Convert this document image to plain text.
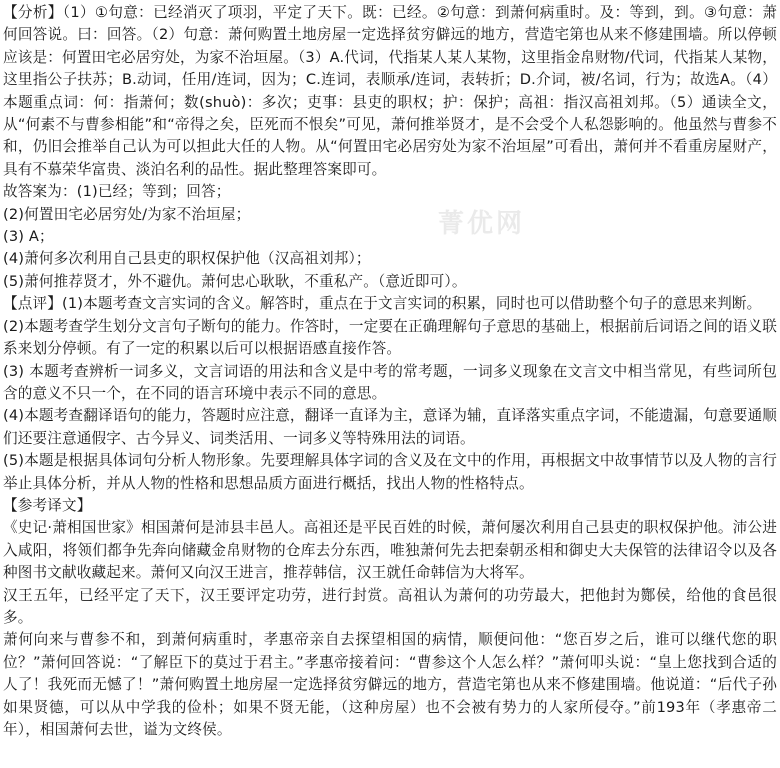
【分析】（1）①句意：已经消灭了项羽，平定了天下。既：已经。②句意：到萧何病重时。及：等到，到。③句意：萧何回答说。曰：回答。（2）句意：萧何购置土地房屋一定选择贫穷僻远的地方，营造宅第也从来不修建围墙。所以停顿应该是：何置田宅必居穷处，为家不治垣屋。（3）A.代词，代指某人某人某物，这里指金帛财物/代词，代指某人某物，这里指公子扶苏；B.动词，任用/连词，因为；C.连词，表顺承/连词，表转折；D.介词，被/名词，行为；故选A。（4）本题重点词：何：指萧何；数(shuò)：多次；吏事：县吏的职权；护：保护；高祖：指汉高祖刘邦。（5）通读全文，从“何素不与曹参相能”和“帝得之矣，臣死而不恨矣”可见，萧何推举贤才，是不会受个人私怨影响的。他虽然与曹参不和，仍旧会推举自己认为可以担此大任的人物。从“何置田宅必居穷处为家不治垣屋”可看出，萧何并不看重房屋财产，具有不慕荣华富贵、淡泊名利的品性。据此整理答案即可。

故答案为：(1)已经；等到；回答；

(2)何置田宅必居穷处/为家不治垣屋；

(3) A；

(4)萧何多次利用自己县吏的职权保护他（汉高祖刘邦）；

(5)萧何推荐贤才，外不避仇。萧何忠心耿耿，不重私产。（意近即可）。

【点评】(1)本题考查文言实词的含义。解答时，重点在于文言实词的积累，同时也可以借助整个句子的意思来判断。

(2)本题考查学生划分文言句子断句的能力。作答时，一定要在正确理解句子意思的基础上，根据前后词语之间的语义联系来划分停顿。有了一定的积累以后可以根据语感直接作答。

(3) 本题考查辨析一词多义，文言词语的用法和含义是中考的常考题，一词多义现象在文言文中相当常见，有些词所包含的意义不只一个，在不同的语言环境中表示不同的意思。

(4)本题考查翻译语句的能力，答题时应注意，翻译一直译为主，意译为辅，直译落实重点字词，不能遗漏，句意要通顺们还要注意通假字、古今异义、词类活用、一词多义等特殊用法的词语。

(5)本题是根据具体词句分析人物形象。先要理解具体字词的含义及在文中的作用，再根据文中故事情节以及人物的言行举止具体分析，并从人物的性格和思想品质方面进行概括，找出人物的性格特点。

【参考译文】

《史记·萧相国世家》相国萧何是沛县丰邑人。高祖还是平民百姓的时候，萧何屡次利用自己县吏的职权保护他。沛公进入咸阳，将领们都争先奔向储藏金帛财物的仓库去分东西，唯独萧何先去把秦朝丞相和御史大夫保管的法律诏令以及各种图书文献收藏起来。萧何又向汉王进言，推荐韩信，汉王就任命韩信为大将军。

汉王五年，已经平定了天下，汉王要评定功劳，进行封赏。高祖认为萧何的功劳最大，把他封为酂侯，给他的食邑很多。

萧何向来与曹参不和，到萧何病重时，孝惠帝亲自去探望相国的病情，顺便问他：“您百岁之后，谁可以继代您的职位？”萧何回答说：“了解臣下的莫过于君主。”孝惠帝接着问：“曹参这个人怎么样？”萧何叩头说：“皇上您找到合适的人了！我死而无憾了！”萧何购置土地房屋一定选择贫穷僻远的地方，营造宅第也从来不修建围墙。他说道：“后代子孙如果贤德，可以从中学我的俭朴；如果不贤无能，（这种房屋）也不会被有势力的人家所侵夺。”前193年（孝惠帝二年），相国萧何去世，谥为文终侯。

菁优网
